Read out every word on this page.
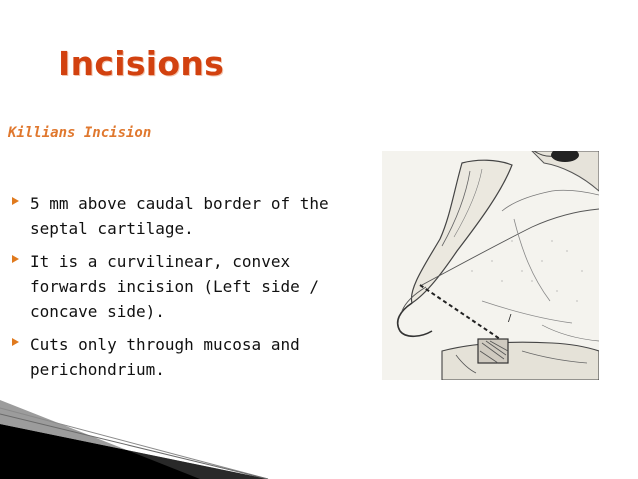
Incisions
Killians Incision
5 mm above caudal border of the septal cartilage.
It is a curvilinear, convex forwards incision (Left side / concave side).
Cuts only through mucosa and perichondrium.
/
